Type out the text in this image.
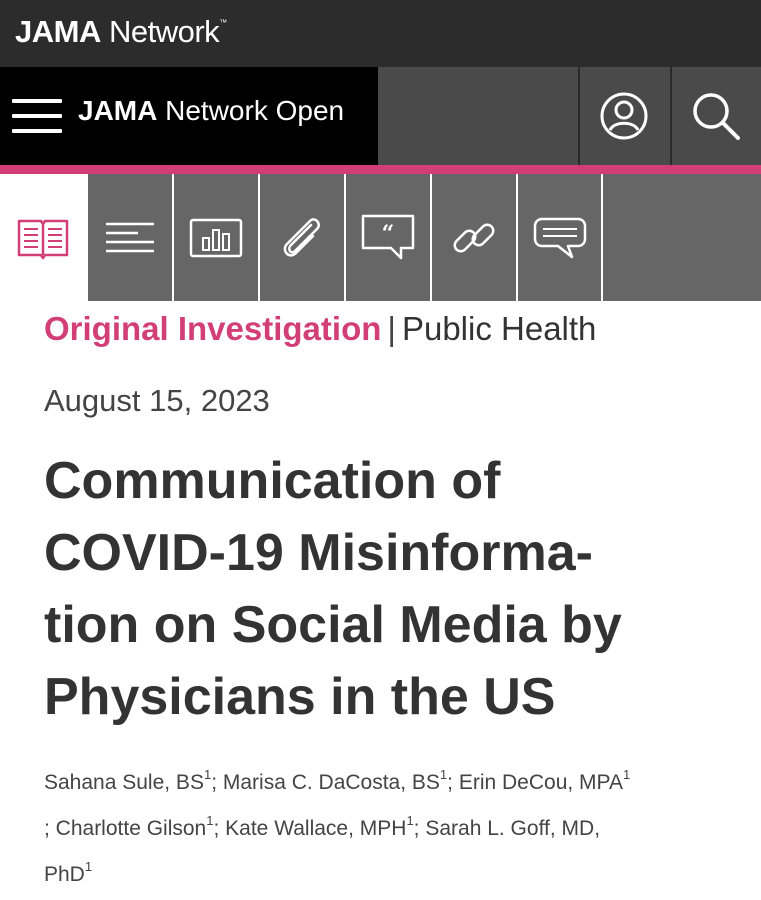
JAMA Network™
JAMA Network Open
“
Original Investigation | Public Health
August 15, 2023
Communication of
COVID-19 Misinforma-
tion on Social Media by
Physicians in the US
Sahana Sule, $BS^1$; Marisa C. DaCosta, $BS^1$; Erin DeCou, MPA$^1$
; Charlotte Gilson$^1$; Kate Wallace, MPH$^1$; Sarah L. Goff, MD,
PhD$^1$
